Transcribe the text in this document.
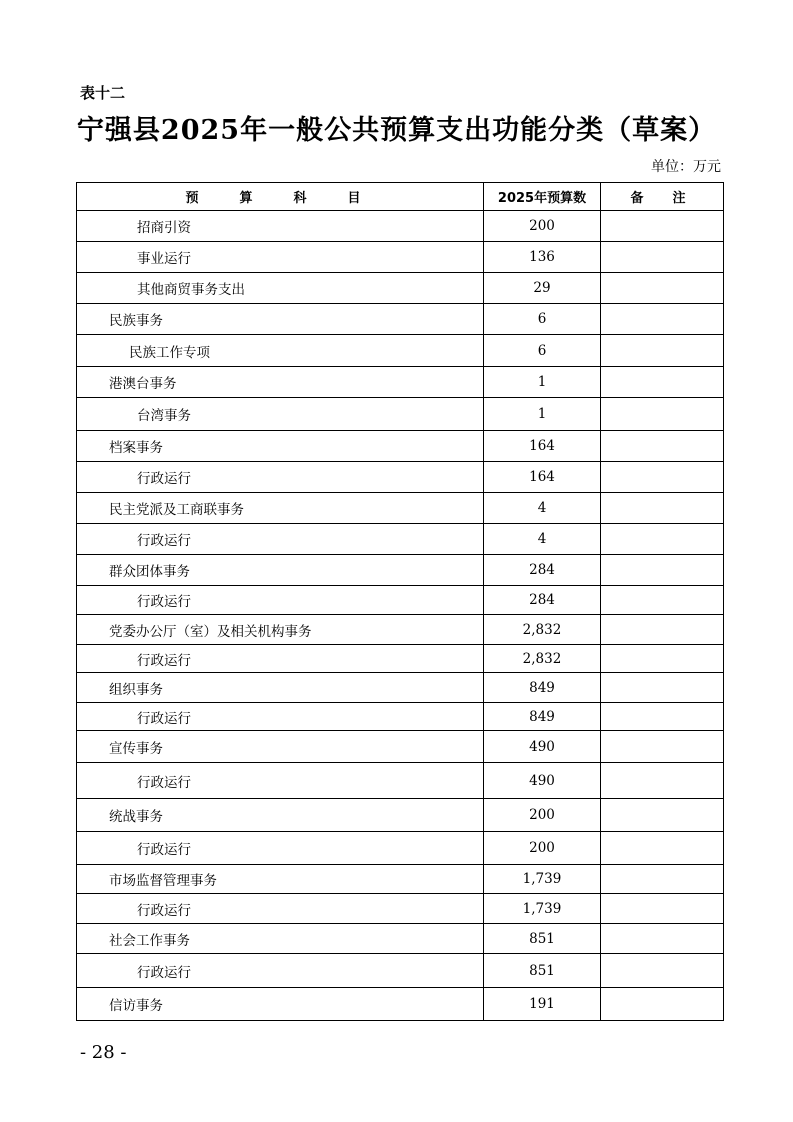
表十二
宁强县2025年一般公共预算支出功能分类（草案）
单位：万元
预　算　科　目	2025年预算数	备　注
招商引资	200	
事业运行	136	
其他商贸事务支出	29	
民族事务	6	
民族工作专项	6	
港澳台事务	1	
台湾事务	1	
档案事务	164	
行政运行	164	
民主党派及工商联事务	4	
行政运行	4	
群众团体事务	284	
行政运行	284	
党委办公厅（室）及相关机构事务	2,832	
行政运行	2,832	
组织事务	849	
行政运行	849	
宣传事务	490	
行政运行	490	
统战事务	200	
行政运行	200	
市场监督管理事务	1,739	
行政运行	1,739	
社会工作事务	851	
行政运行	851	
信访事务	191	
- 28 -
